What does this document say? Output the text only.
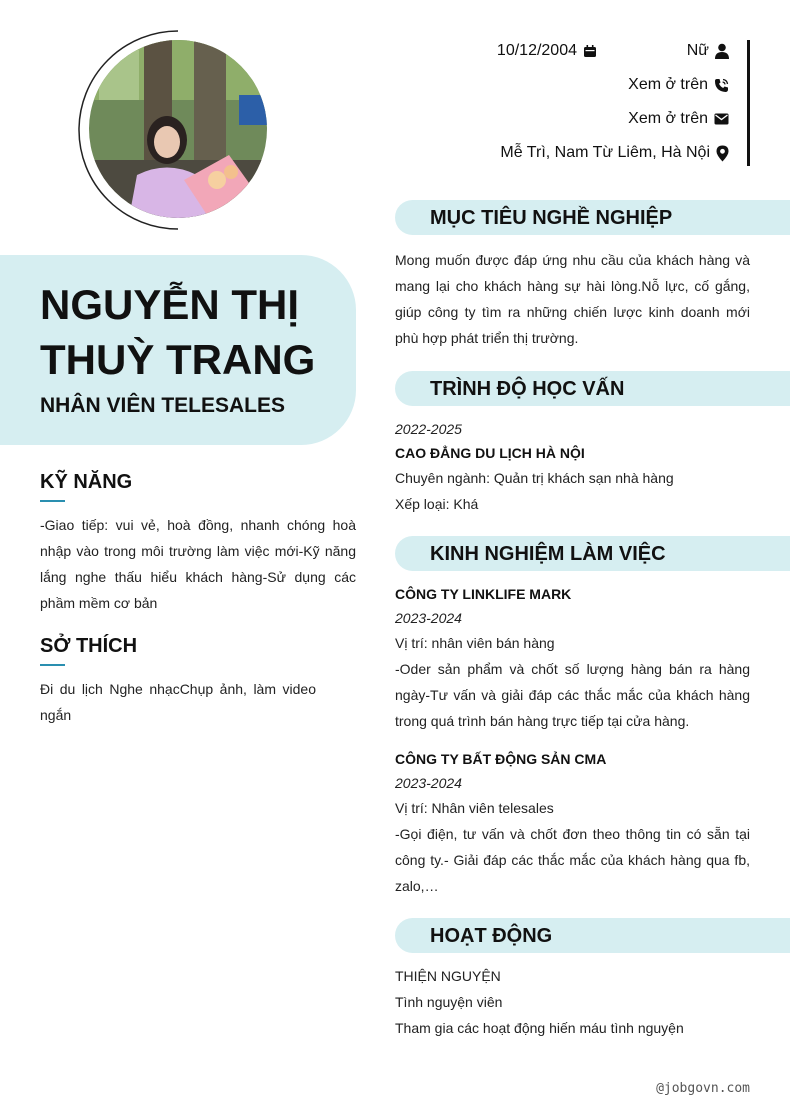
NGUYỄN THỊ THUỲ TRANG
NHÂN VIÊN TELESALES
KỸ NĂNG
-Giao tiếp: vui vẻ, hoà đồng, nhanh chóng hoà nhập vào trong môi trường làm việc mới-Kỹ năng lắng nghe thấu hiểu khách hàng-Sử dụng các phầm mềm cơ bản
SỞ THÍCH
Đi du lịch Nghe nhạcChụp ảnh, làm video ngắn
10/12/2004	Nữ
Xem ở trên
Xem ở trên
Mễ Trì, Nam Từ Liêm, Hà Nội
MỤC TIÊU NGHỀ NGHIỆP
Mong muốn được đáp ứng nhu cầu của khách hàng và mang lại cho khách hàng sự hài lòng.Nỗ lực, cố gắng, giúp công ty tìm ra những chiến lược kinh doanh mới phù hợp phát triển thị trường.
TRÌNH ĐỘ HỌC VẤN
2022-2025
CAO ĐẲNG DU LỊCH HÀ NỘI
Chuyên ngành: Quản trị khách sạn nhà hàng
Xếp loại: Khá
KINH NGHIỆM LÀM VIỆC
CÔNG TY LINKLIFE MARK
2023-2024
Vị trí: nhân viên bán hàng
-Oder sản phẩm và chốt số lượng hàng bán ra hàng ngày-Tư vấn và giải đáp các thắc mắc của khách hàng trong quá trình bán hàng trực tiếp tại cửa hàng.
CÔNG TY BẤT ĐỘNG SẢN CMA
2023-2024
Vị trí: Nhân viên telesales
-Gọi điện, tư vấn và chốt đơn theo thông tin có sẵn tại công ty.- Giải đáp các thắc mắc của khách hàng qua fb, zalo,…
HOẠT ĐỘNG
THIỆN NGUYỆN
Tình nguyện viên
Tham gia các hoạt động hiến máu tình nguyện
@jobgovn.com
